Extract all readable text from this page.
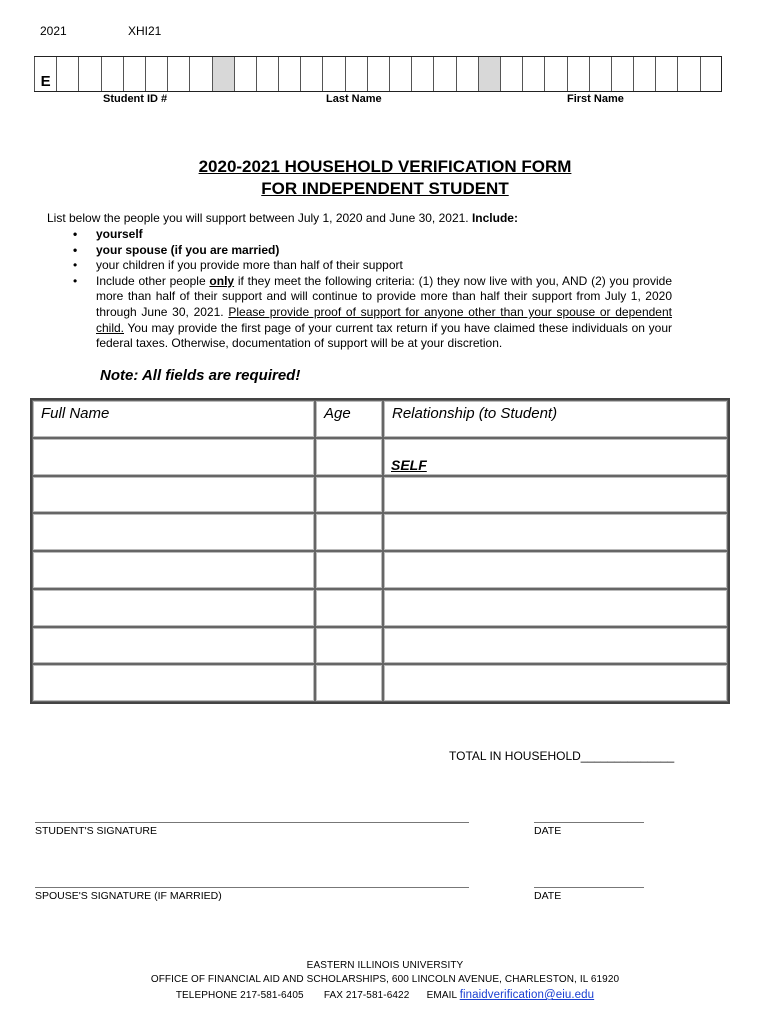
2021	XHI21
E
Student ID #	Last Name	First Name
2020-2021 HOUSEHOLD VERIFICATION FORM
FOR INDEPENDENT STUDENT
List below the people you will support between July 1, 2020 and June 30, 2021. Include:
• yourself
• your spouse (if you are married)
• your children if you provide more than half of their support
• Include other people only if they meet the following criteria: (1) they now live with you, AND (2) you provide more than half of their support and will continue to provide more than half their support from July 1, 2020 through June 30, 2021. Please provide proof of support for anyone other than your spouse or dependent child. You may provide the first page of your current tax return if you have claimed these individuals on your federal taxes. Otherwise, documentation of support will be at your discretion.
Note: All fields are required!
Full Name	Age	Relationship (to Student)
		SELF

TOTAL IN HOUSEHOLD______________
STUDENT'S SIGNATURE	DATE
SPOUSE'S SIGNATURE (IF MARRIED)	DATE
EASTERN ILLINOIS UNIVERSITY
OFFICE OF FINANCIAL AID AND SCHOLARSHIPS, 600 LINCOLN AVENUE, CHARLESTON, IL 61920
TELEPHONE 217-581-6405 FAX 217-581-6422 EMAIL finaidverification@eiu.edu
